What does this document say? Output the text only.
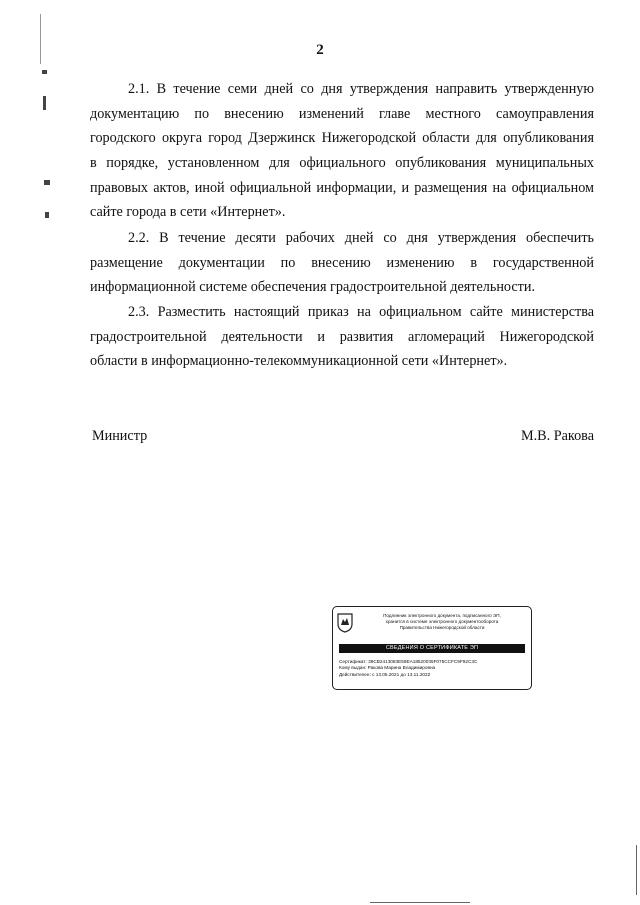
2
2.1. В течение семи дней со дня утверждения направить утвержденную
документацию по внесению изменений главе местного самоуправления
городского округа город Дзержинск Нижегородской области для опубликования
в порядке, установленном для официального опубликования муниципальных
правовых актов, иной официальной информации, и размещения на официальном
сайте города в сети «Интернет».
2.2. В течение десяти рабочих дней со дня утверждения обеспечить
размещение документации по внесению изменению в государственной
информационной системе обеспечения градостроительной деятельности.
2.3. Разместить настоящий приказ на официальном сайте министерства
градостроительной деятельности и развития агломераций Нижегородской
области в информационно-телекоммуникационной сети «Интернет».
Министр	М.В. Ракова
Подлинник электронного документа, подписанного ЭП,
хранится в системе электронного документооборота
Правительства Нижегородской области
СВЕДЕНИЯ О СЕРТИФИКАТЕ ЭП
Сертификат: 39CB2413083E59EA18520035F075CCFC9F92C3C
Кому выдан: Ракова Марина Владимировна
Действителен: с 13.05.2021 до 13.11.2022
